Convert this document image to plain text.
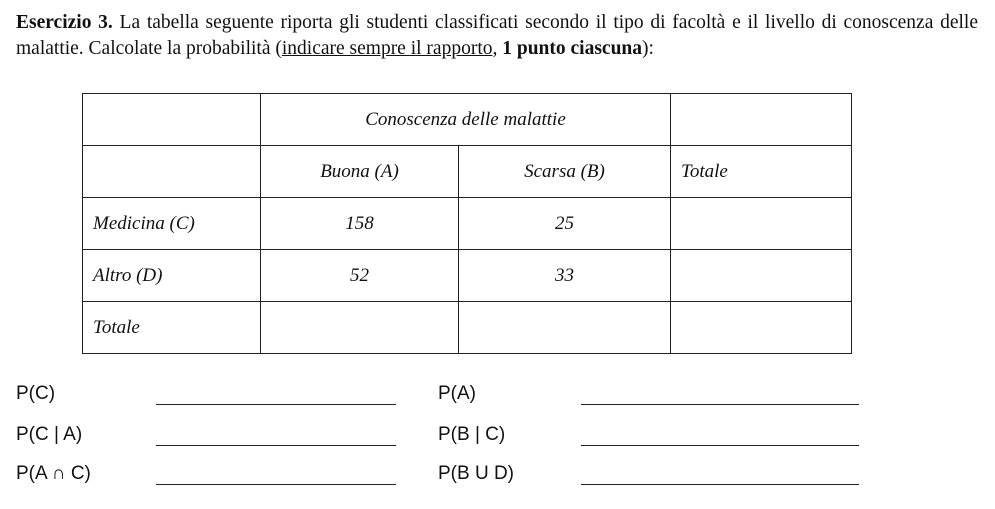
Esercizio 3. La tabella seguente riporta gli studenti classificati secondo il tipo di facoltà e il livello di conoscenza delle malattie. Calcolate la probabilità (indicare sempre il rapporto, 1 punto ciascuna):
	Conoscenza delle malattie		
	Buona (A)	Scarsa (B)	Totale
Medicina (C)	158	25	
Altro (D)	52	33	
Totale			
P(C)	P(A)
P(C | A)	P(B | C)
P(A ∩ C)	P(B U D)
